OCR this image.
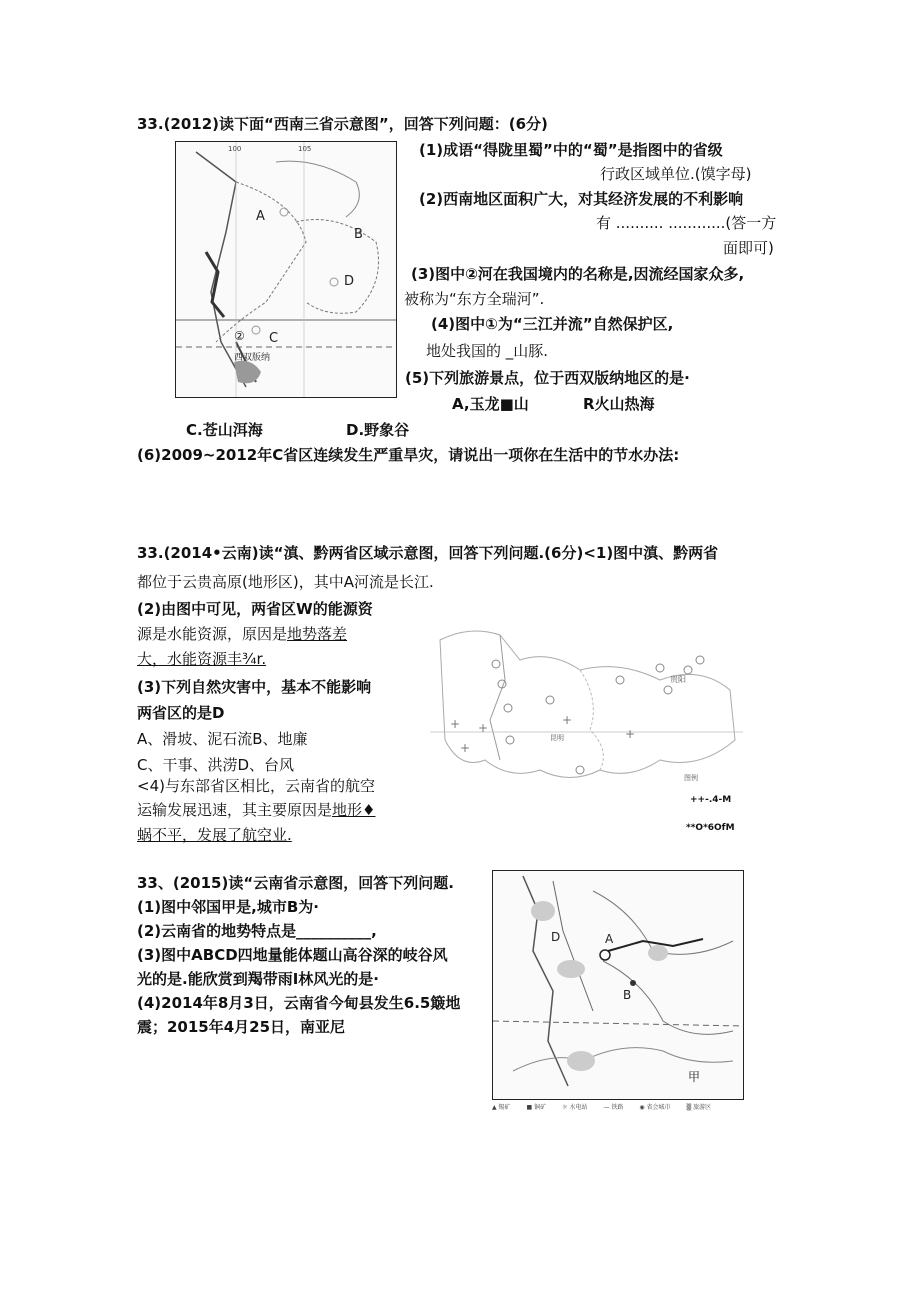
33.(2012)读下面“西南三省示意图”，回答下列问题：(6分)
A
B
C
D
②
西双版纳
100	105	(1)成语“得陇里蜀”中的“蜀”是指图中的省级
行政区域单位.(馍字母)
(2)西南地区面积广大，对其经济发展的不利影响
有 .......... ............(答一方
面即可)
(3)图中②河在我国境内的名称是,因流经国家众多,
被称为“东方全瑞河”.
(4)图中①为“三江并流”自然保护区,
地处我国的 _山豚.
(5)下列旅游景点，位于西双版纳地区的是·
A,玉龙■山	R火山热海
C.苍山洱海	D.野象谷
(6)2009~2012年C省区连续发生严重旱灾，请说出一项你在生活中的节水办法:
33.(2014•云南)读“滇、黔两省区域示意图，回答下列问题.(6分)<1)图中滇、黔两省
都位于云贵高原(地形区)，其中A河流是长江.
(2)由图中可见，两省区W的能源资
源是水能资源，原因是地势落差
大，水能资源丰¾r.
(3)下列自然灾害中，基本不能影响
两省区的是D
A、滑坡、泥石流B、地廉
C、干事、洪涝D、台风
<4)与东部省区相比，云南省的航空
运输发展迅速，其主要原因是地形♦
蜗不平，发展了航空业.
+
+
+
+
+
贵阳
昆明
图例
++-.4-M
**O*6OfM
33、(2015)读“云南省示意图，回答下列问题.
(1)图中邻国甲是,城市B为·
(2)云南省的地势特点是__________,
(3)图中ABCD四地量能体题山高谷深的岐谷风
光的是.能欣赏到羯带雨I林风光的是·
(4)2014年8月3日，云南省今甸县发生6.5簸地
震；2015年4月25日，南亚尼
D	A
B
甲
▲ 锡矿	■ 铜矿	☼ 水电站	— 铁路	◉ 省会城市	▒ 旅游区
